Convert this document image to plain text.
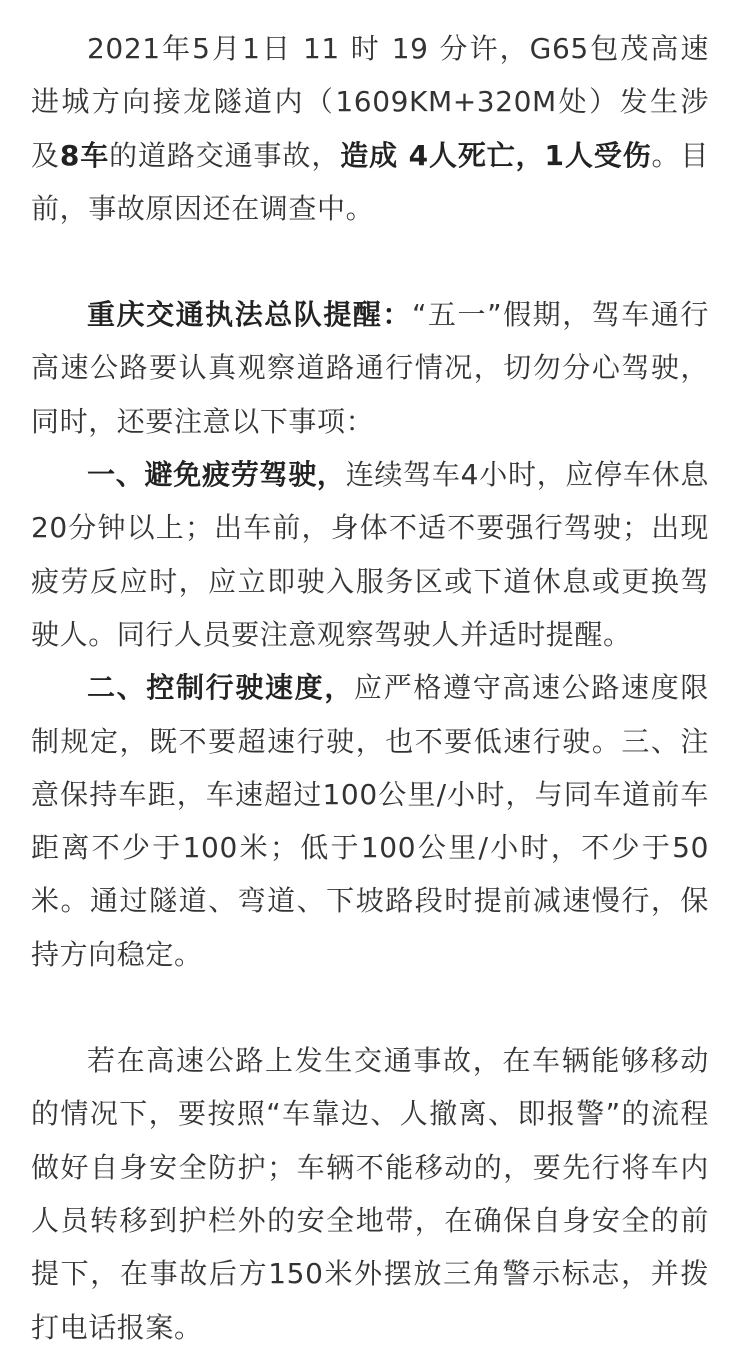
2021年5月1日 11 时 19 分许，G65包茂高速进城方向接龙隧道内（1609KM+320M处）发生涉及8车的道路交通事故，造成 4人死亡，1人受伤。目前，事故原因还在调查中。

重庆交通执法总队提醒：“五一”假期，驾车通行高速公路要认真观察道路通行情况，切勿分心驾驶，同时，还要注意以下事项：

一、避免疲劳驾驶，连续驾车4小时，应停车休息20分钟以上；出车前，身体不适不要强行驾驶；出现疲劳反应时，应立即驶入服务区或下道休息或更换驾驶人。同行人员要注意观察驾驶人并适时提醒。

二、控制行驶速度，应严格遵守高速公路速度限制规定，既不要超速行驶，也不要低速行驶。三、注意保持车距，车速超过100公里/小时，与同车道前车距离不少于100米；低于100公里/小时，不少于50米。通过隧道、弯道、下坡路段时提前减速慢行，保持方向稳定。

若在高速公路上发生交通事故，在车辆能够移动的情况下，要按照“车靠边、人撤离、即报警”的流程做好自身安全防护；车辆不能移动的，要先行将车内人员转移到护栏外的安全地带，在确保自身安全的前提下，在事故后方150米外摆放三角警示标志，并拨打电话报案。
